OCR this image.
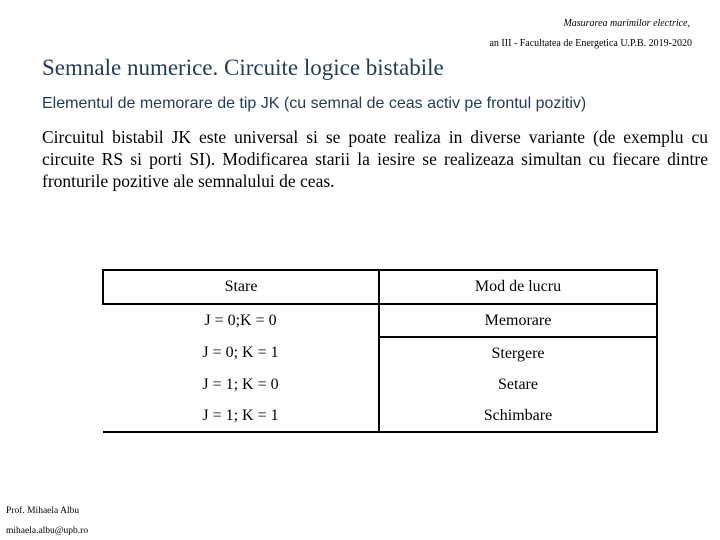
Masurarea marimilor electrice,
an III - Facultatea de Energetica U.P.B. 2019-2020
Semnale numerice. Circuite logice bistabile
Elementul de memorare de tip JK (cu semnal de ceas activ pe frontul pozitiv)
Circuitul bistabil JK este universal si se poate realiza in diverse variante (de exemplu cu circuite RS si porti SI). Modificarea starii la iesire se realizeaza simultan cu fiecare dintre fronturile pozitive ale semnalului de ceas.
Stare	Mod de lucru
J = 0;K = 0	Memorare
J = 0; K = 1	Stergere
J = 1; K = 0	Setare
J = 1; K = 1	Schimbare
Prof. Mihaela Albu
mihaela.albu@upb.ro
